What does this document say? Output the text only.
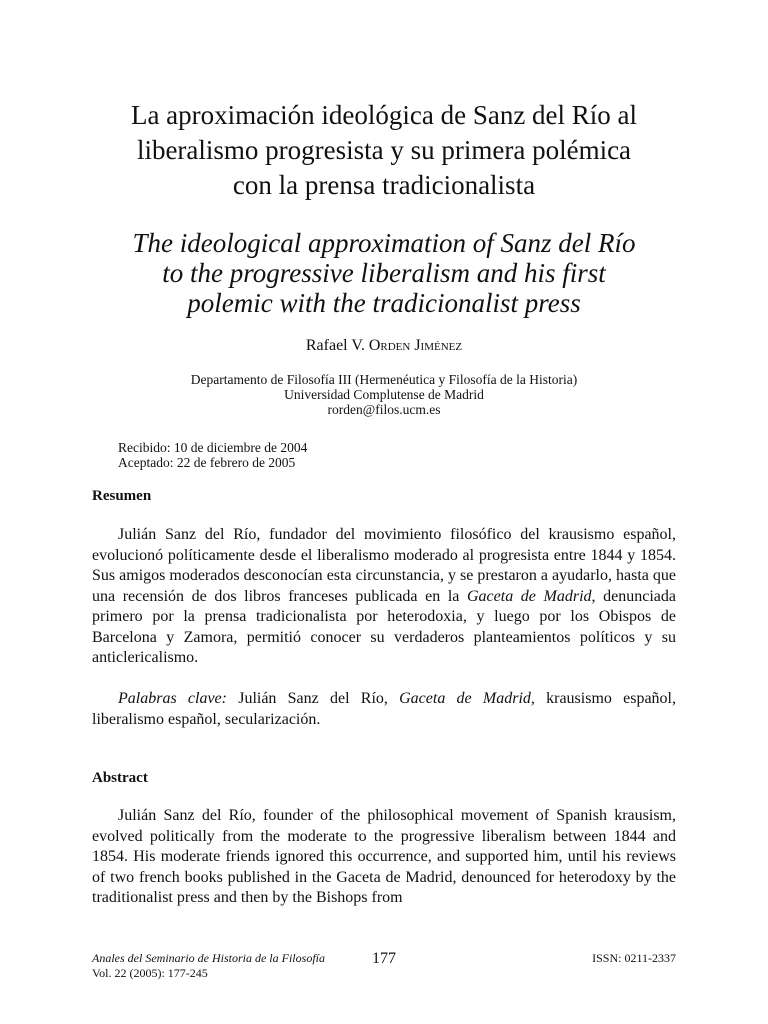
La aproximación ideológica de Sanz del Río al
liberalismo progresista y su primera polémica
con la prensa tradicionalista
The ideological approximation of Sanz del Río
to the progressive liberalism and his first
polemic with the tradicionalist press
Rafael V. Orden Jiménez
Departamento de Filosofía III (Hermenéutica y Filosofía de la Historia)
Universidad Complutense de Madrid
rorden@filos.ucm.es
Recibido: 10 de diciembre de 2004
Aceptado: 22 de febrero de 2005
Resumen

Julián Sanz del Río, fundador del movimiento filosófico del krausismo español, evolucionó políticamente desde el liberalismo moderado al progresista entre 1844 y 1854. Sus amigos moderados desconocían esta circunstancia, y se prestaron a ayudarlo, hasta que una recensión de dos libros franceses publicada en la Gaceta de Madrid, denunciada primero por la prensa tradicionalista por heterodoxia, y luego por los Obispos de Barcelona y Zamora, permitió conocer su verdaderos planteamientos políticos y su anticlericalismo.

Palabras clave: Julián Sanz del Río, Gaceta de Madrid, krausismo español, liberalismo español, secularización.

Abstract

Julián Sanz del Río, founder of the philosophical movement of Spanish krausism, evolved politically from the moderate to the progressive liberalism between 1844 and 1854. His moderate friends ignored this occurrence, and supported him, until his reviews of two french books published in the Gaceta de Madrid, denounced for heterodoxy by the traditionalist press and then by the Bishops from

Anales del Seminario de Historia de la Filosofía
Vol. 22 (2005): 177-245
177	ISSN: 0211-2337
